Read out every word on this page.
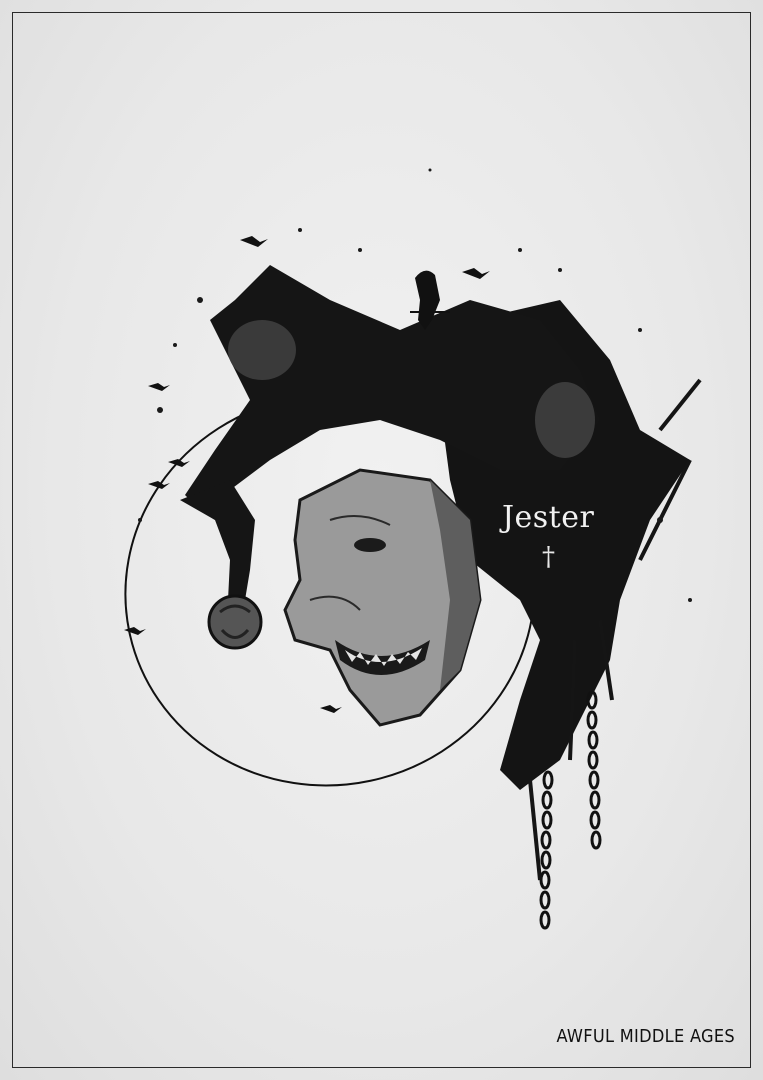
Jester
†
AWFUL MIDDLE AGES
